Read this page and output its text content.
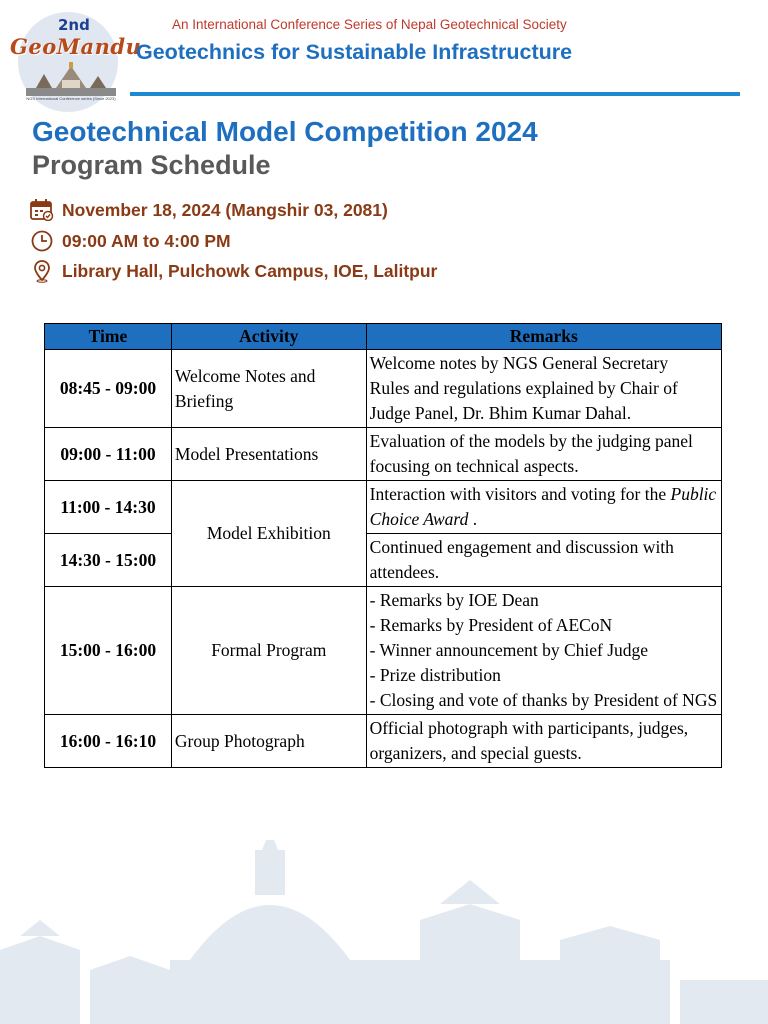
2nd
GeoMandu
NGS International Conference series (Since 2023)
An International Conference Series of Nepal Geotechnical Society
Geotechnics for Sustainable Infrastructure
Geotechnical Model Competition 2024
Program Schedule
November 18, 2024 (Mangshir 03, 2081)
09:00 AM to 4:00 PM
Library Hall, Pulchowk Campus, IOE, Lalitpur
Time	Activity	Remarks
08:45 - 09:00	Welcome Notes and Briefing	Welcome notes by NGS General Secretary
Rules and regulations explained by Chair of Judge Panel, Dr. Bhim Kumar Dahal.

09:00 - 11:00	Model Presentations	Evaluation of the models by the judging panel focusing on technical aspects.

11:00 - 14:30	Model Exhibition	Interaction with visitors and voting for the Public Choice Award .
14:30 - 15:00		Continued engagement and discussion with attendees.

15:00 - 16:00	Formal Program	- Remarks by IOE Dean
- Remarks by President of AECoN
- Winner announcement by Chief Judge
- Prize distribution
- Closing and vote of thanks by President of NGS

16:00 - 16:10	Group Photograph	Official photograph with participants, judges, organizers, and special guests.
